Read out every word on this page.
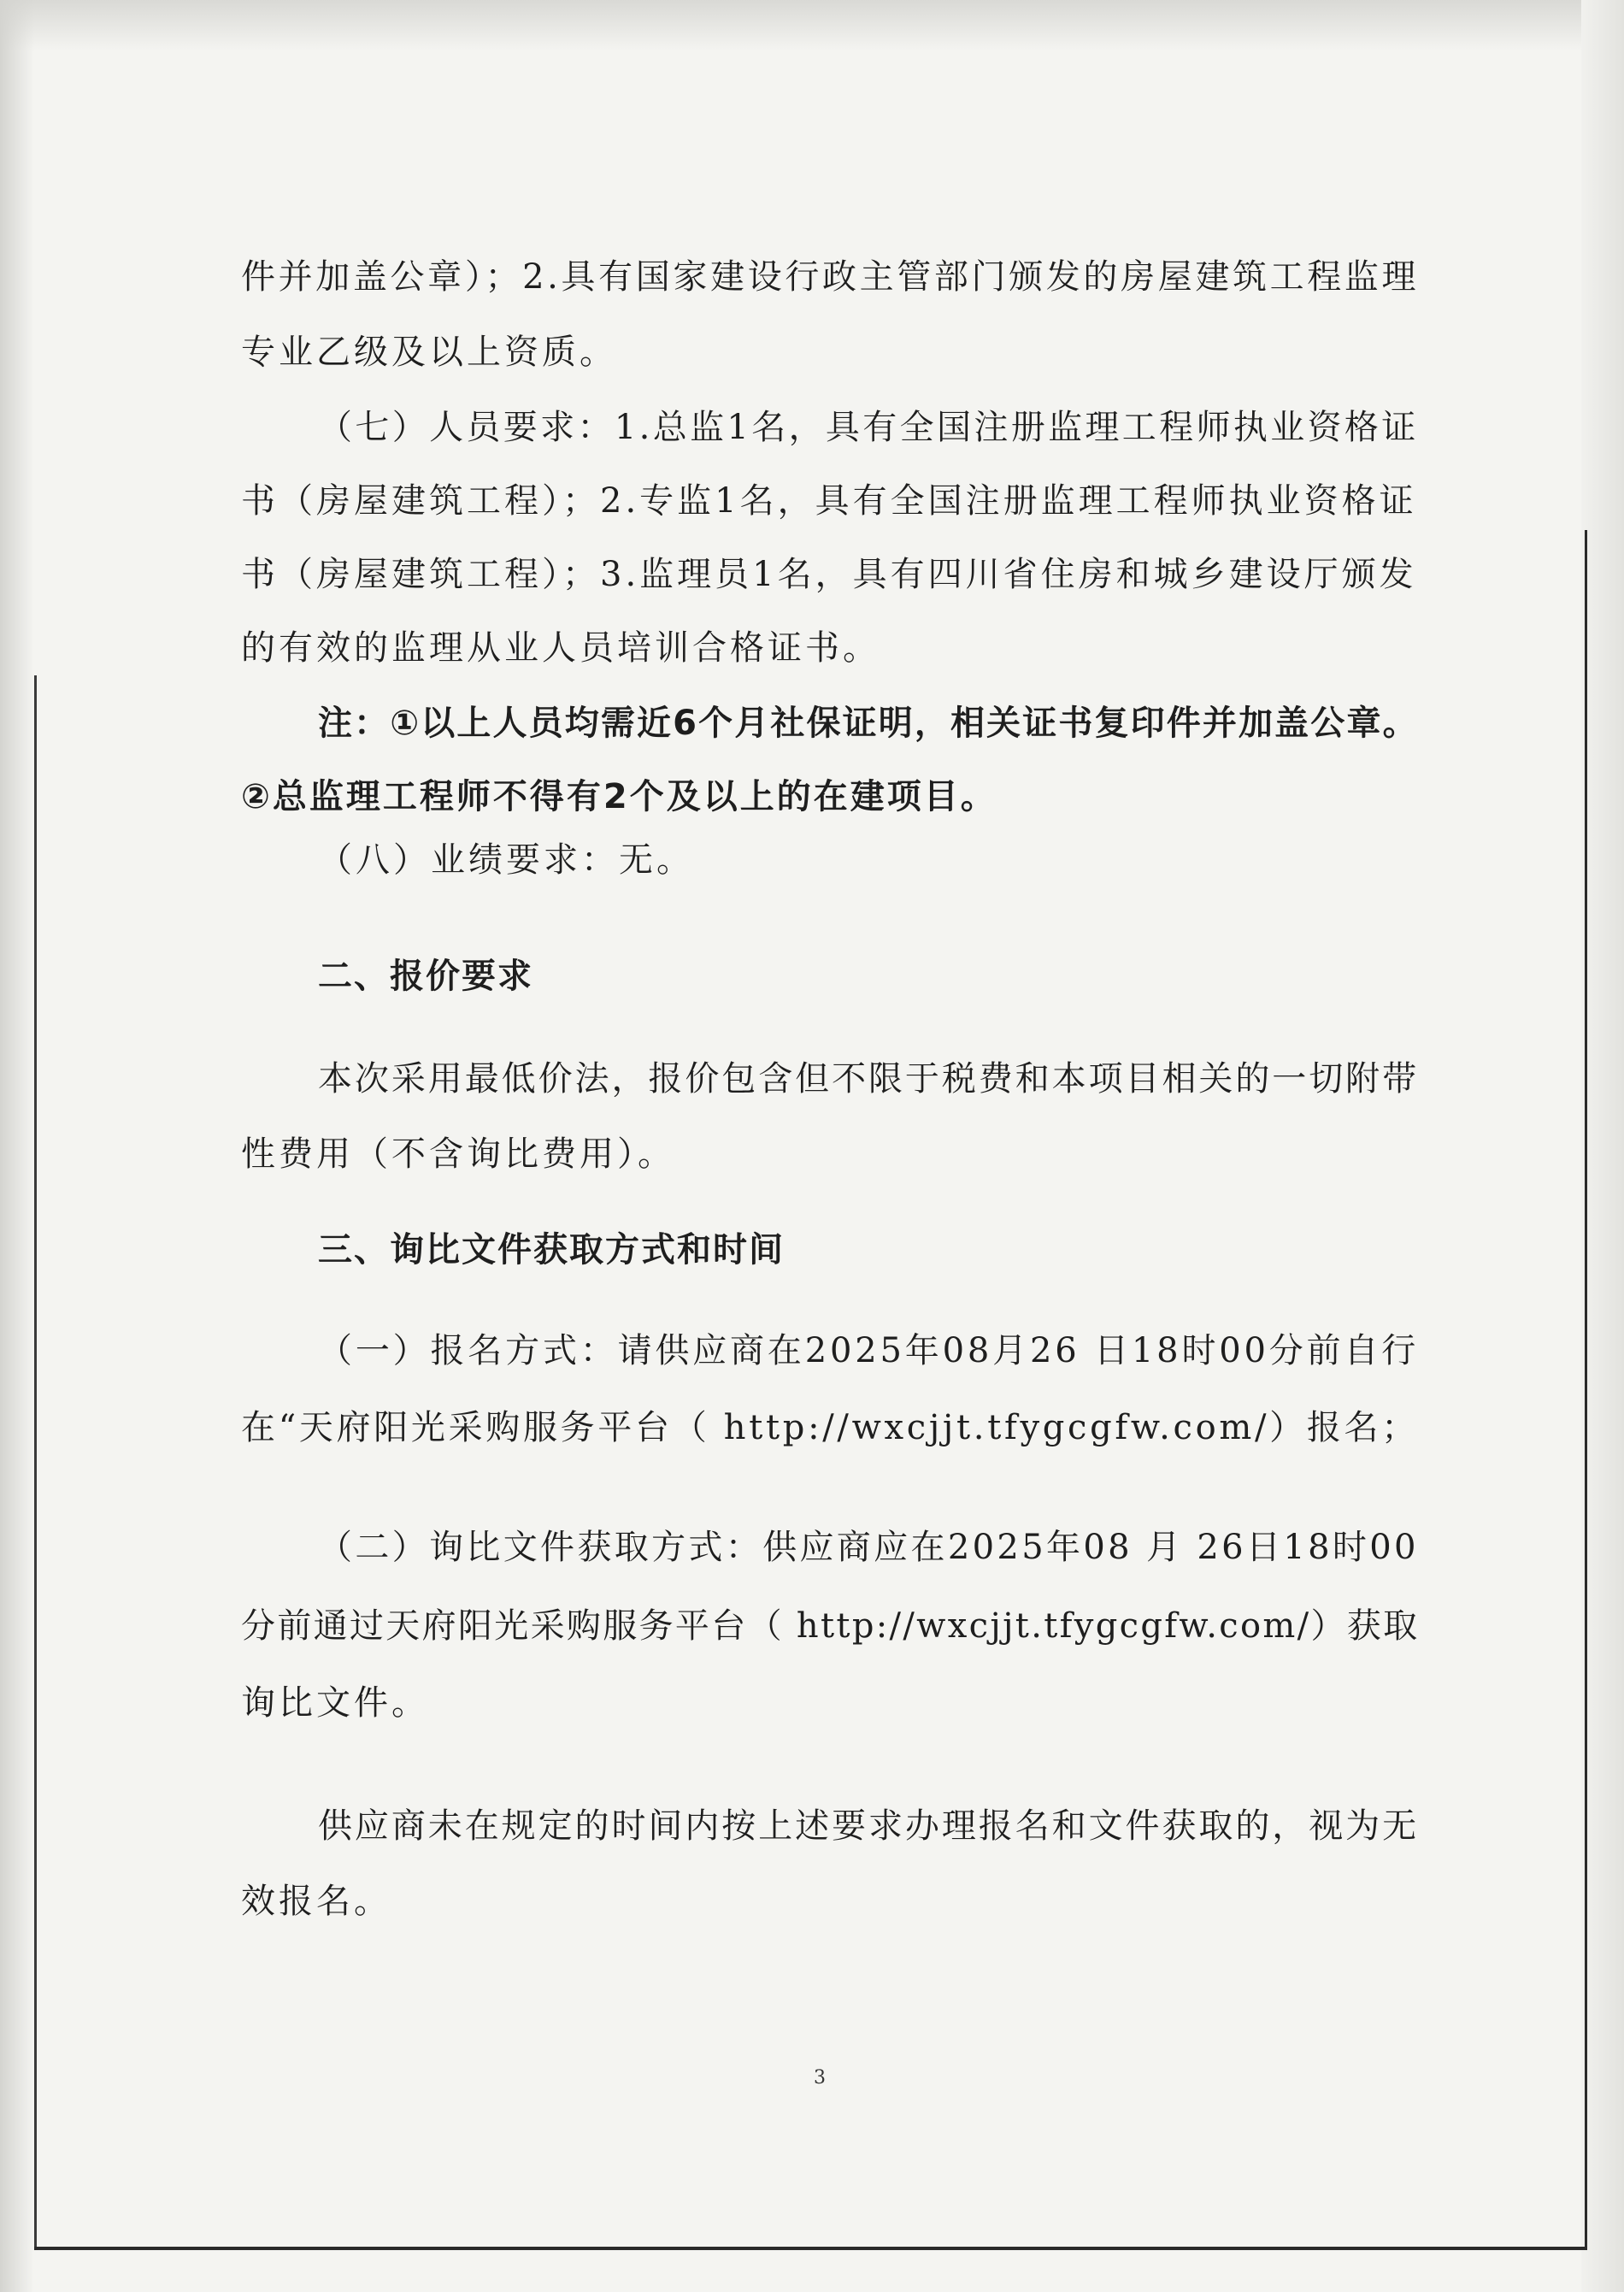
件并加盖公章）；2.具有国家建设行政主管部门颁发的房屋建筑工程监理
专业乙级及以上资质。
（七）人员要求：1.总监1名，具有全国注册监理工程师执业资格证
书（房屋建筑工程）；2.专监1名，具有全国注册监理工程师执业资格证
书（房屋建筑工程）；3.监理员1名，具有四川省住房和城乡建设厅颁发
的有效的监理从业人员培训合格证书。
注：①以上人员均需近6个月社保证明，相关证书复印件并加盖公章。
②总监理工程师不得有2个及以上的在建项目。
（八）业绩要求：无。
二、报价要求
本次采用最低价法，报价包含但不限于税费和本项目相关的一切附带
性费用（不含询比费用）。
三、询比文件获取方式和时间
（一）报名方式：请供应商在2025年08月26 日18时00分前自行
在“天府阳光采购服务平台（ http://wxcjjt.tfygcgfw.com/）报名；
（二）询比文件获取方式：供应商应在2025年08 月 26日18时00
分前通过天府阳光采购服务平台（ http://wxcjjt.tfygcgfw.com/）获取
询比文件。
供应商未在规定的时间内按上述要求办理报名和文件获取的，视为无
效报名。
3
